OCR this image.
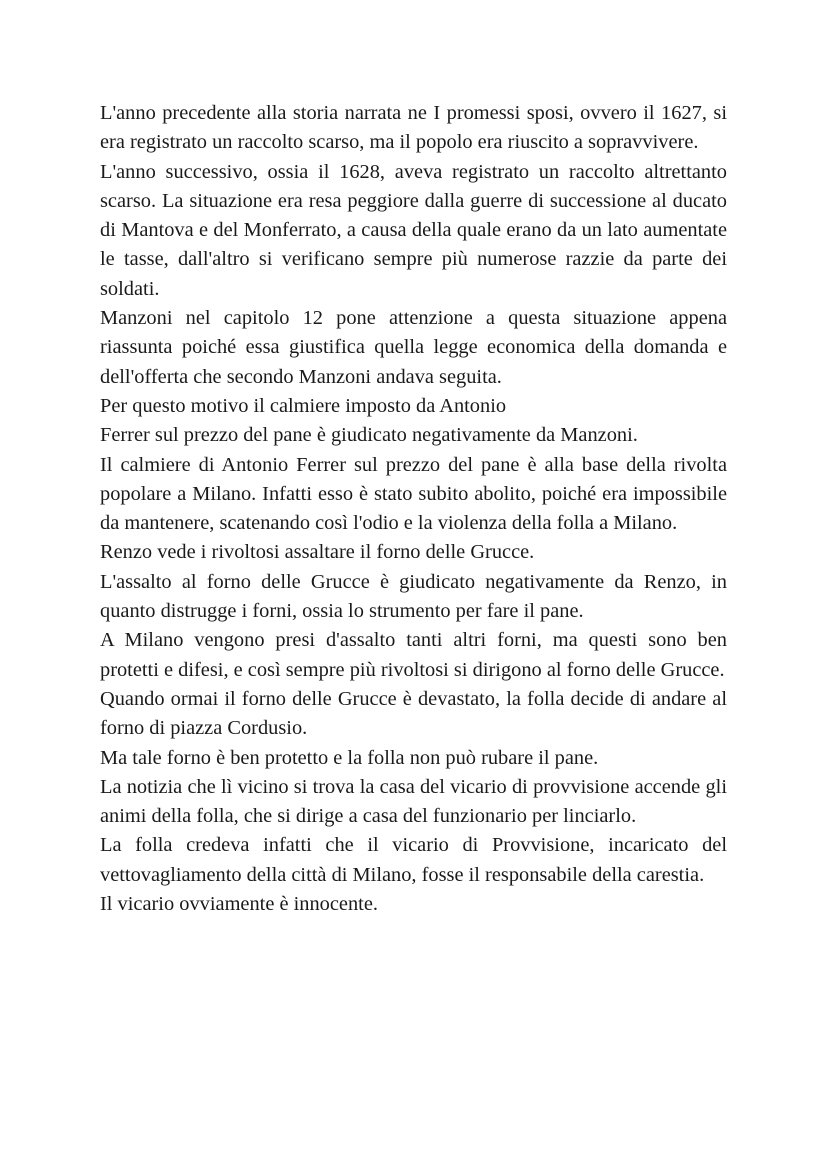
L'anno precedente alla storia narrata ne I promessi sposi, ovvero il 1627, si era registrato un raccolto scarso, ma il popolo era riuscito a sopravvivere.

L'anno successivo, ossia il 1628, aveva registrato un raccolto altrettanto scarso. La situazione era resa peggiore dalla guerre di successione al ducato di Mantova e del Monferrato, a causa della quale erano da un lato aumentate le tasse, dall'altro si verificano sempre più numerose razzie da parte dei soldati.

Manzoni nel capitolo 12 pone attenzione a questa situazione appena riassunta poiché essa giustifica quella legge economica della domanda e dell'offerta che secondo Manzoni andava seguita.

Per questo motivo il calmiere imposto da Antonio

Ferrer sul prezzo del pane è giudicato negativamente da Manzoni.

Il calmiere di Antonio Ferrer sul prezzo del pane è alla base della rivolta popolare a Milano. Infatti esso è stato subito abolito, poiché era impossibile da mantenere, scatenando così l'odio e la violenza della folla a Milano.

Renzo vede i rivoltosi assaltare il forno delle Grucce.

L'assalto al forno delle Grucce è giudicato negativamente da Renzo, in quanto distrugge i forni, ossia lo strumento per fare il pane.

A Milano vengono presi d'assalto tanti altri forni, ma questi sono ben protetti e difesi, e così sempre più rivoltosi si dirigono al forno delle Grucce.

Quando ormai il forno delle Grucce è devastato, la folla decide di andare al forno di piazza Cordusio.

Ma tale forno è ben protetto e la folla non può rubare il pane.

La notizia che lì vicino si trova la casa del vicario di provvisione accende gli animi della folla, che si dirige a casa del funzionario per linciarlo.

La folla credeva infatti che il vicario di Provvisione, incaricato del vettovagliamento della città di Milano, fosse il responsabile della carestia.

Il vicario ovviamente è innocente.
